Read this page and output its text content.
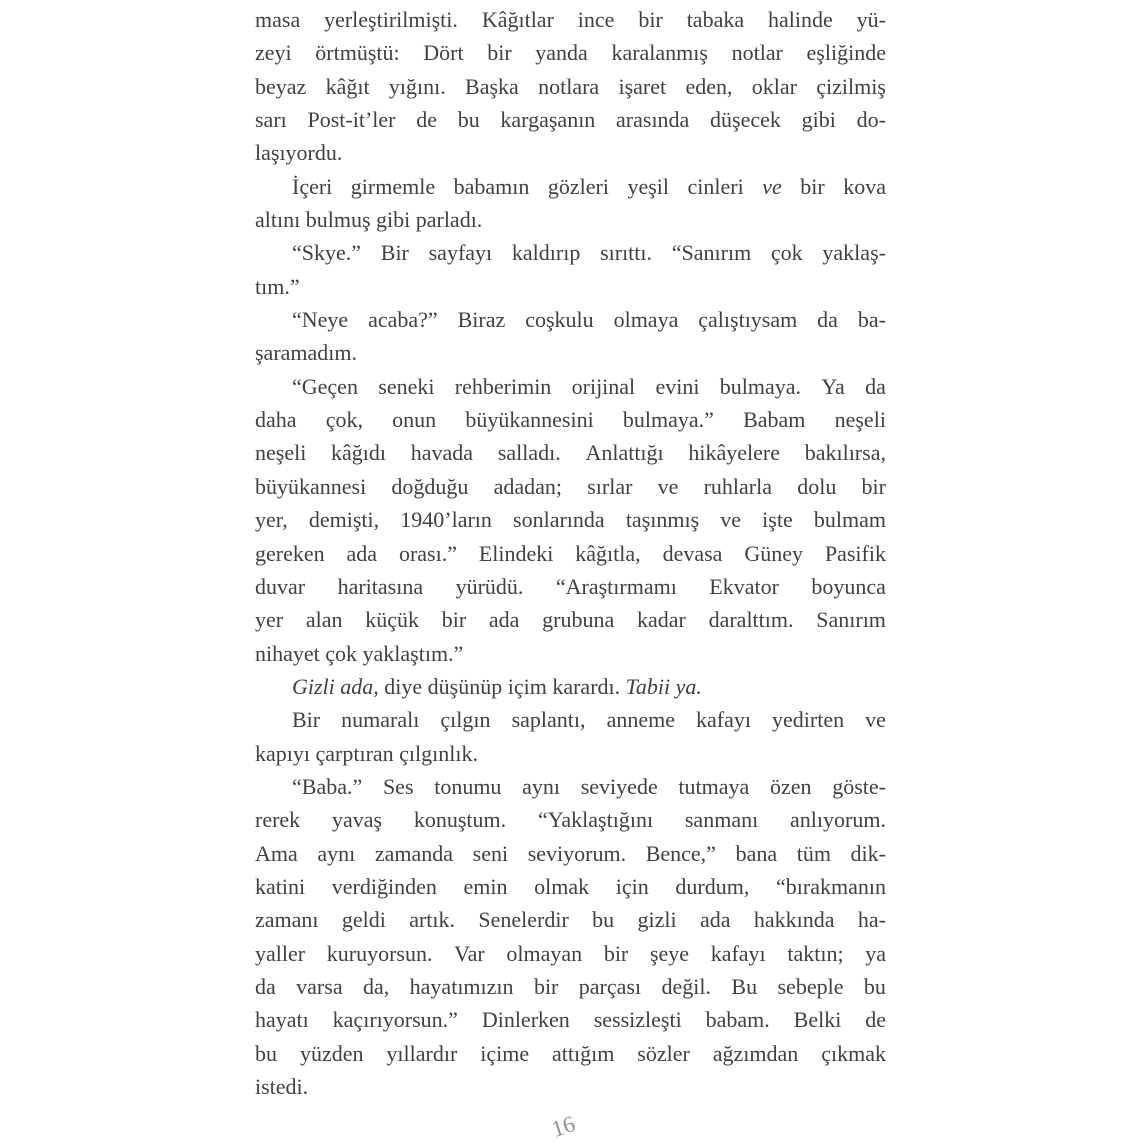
masa yerleştirilmişti. Kâğıtlar ince bir tabaka halinde yü-
zeyi örtmüştü: Dört bir yanda karalanmış notlar eşliğinde
beyaz kâğıt yığını. Başka notlara işaret eden, oklar çizilmiş
sarı Post-it’ler de bu kargaşanın arasında düşecek gibi do-
laşıyordu.
İçeri girmemle babamın gözleri yeşil cinleri ve bir kova
altını bulmuş gibi parladı.
“Skye.” Bir sayfayı kaldırıp sırıttı. “Sanırım çok yaklaş-
tım.”
“Neye acaba?” Biraz coşkulu olmaya çalıştıysam da ba-
şaramadım.
“Geçen seneki rehberimin orijinal evini bulmaya. Ya da
daha çok, onun büyükannesini bulmaya.” Babam neşeli
neşeli kâğıdı havada salladı. Anlattığı hikâyelere bakılırsa,
büyükannesi doğduğu adadan; sırlar ve ruhlarla dolu bir
yer, demişti, 1940’ların sonlarında taşınmış ve işte bulmam
gereken ada orası.” Elindeki kâğıtla, devasa Güney Pasifik
duvar haritasına yürüdü. “Araştırmamı Ekvator boyunca
yer alan küçük bir ada grubuna kadar daralttım. Sanırım
nihayet çok yaklaştım.”
Gizli ada, diye düşünüp içim karardı. Tabii ya.
Bir numaralı çılgın saplantı, anneme kafayı yedirten ve
kapıyı çarptıran çılgınlık.
“Baba.” Ses tonumu aynı seviyede tutmaya özen göste-
rerek yavaş konuştum. “Yaklaştığını sanmanı anlıyorum.
Ama aynı zamanda seni seviyorum. Bence,” bana tüm dik-
katini verdiğinden emin olmak için durdum, “bırakmanın
zamanı geldi artık. Senelerdir bu gizli ada hakkında ha-
yaller kuruyorsun. Var olmayan bir şeye kafayı taktın; ya
da varsa da, hayatımızın bir parçası değil. Bu sebeple bu
hayatı kaçırıyorsun.” Dinlerken sessizleşti babam. Belki de
bu yüzden yıllardır içime attığım sözler ağzımdan çıkmak
istedi.
16
